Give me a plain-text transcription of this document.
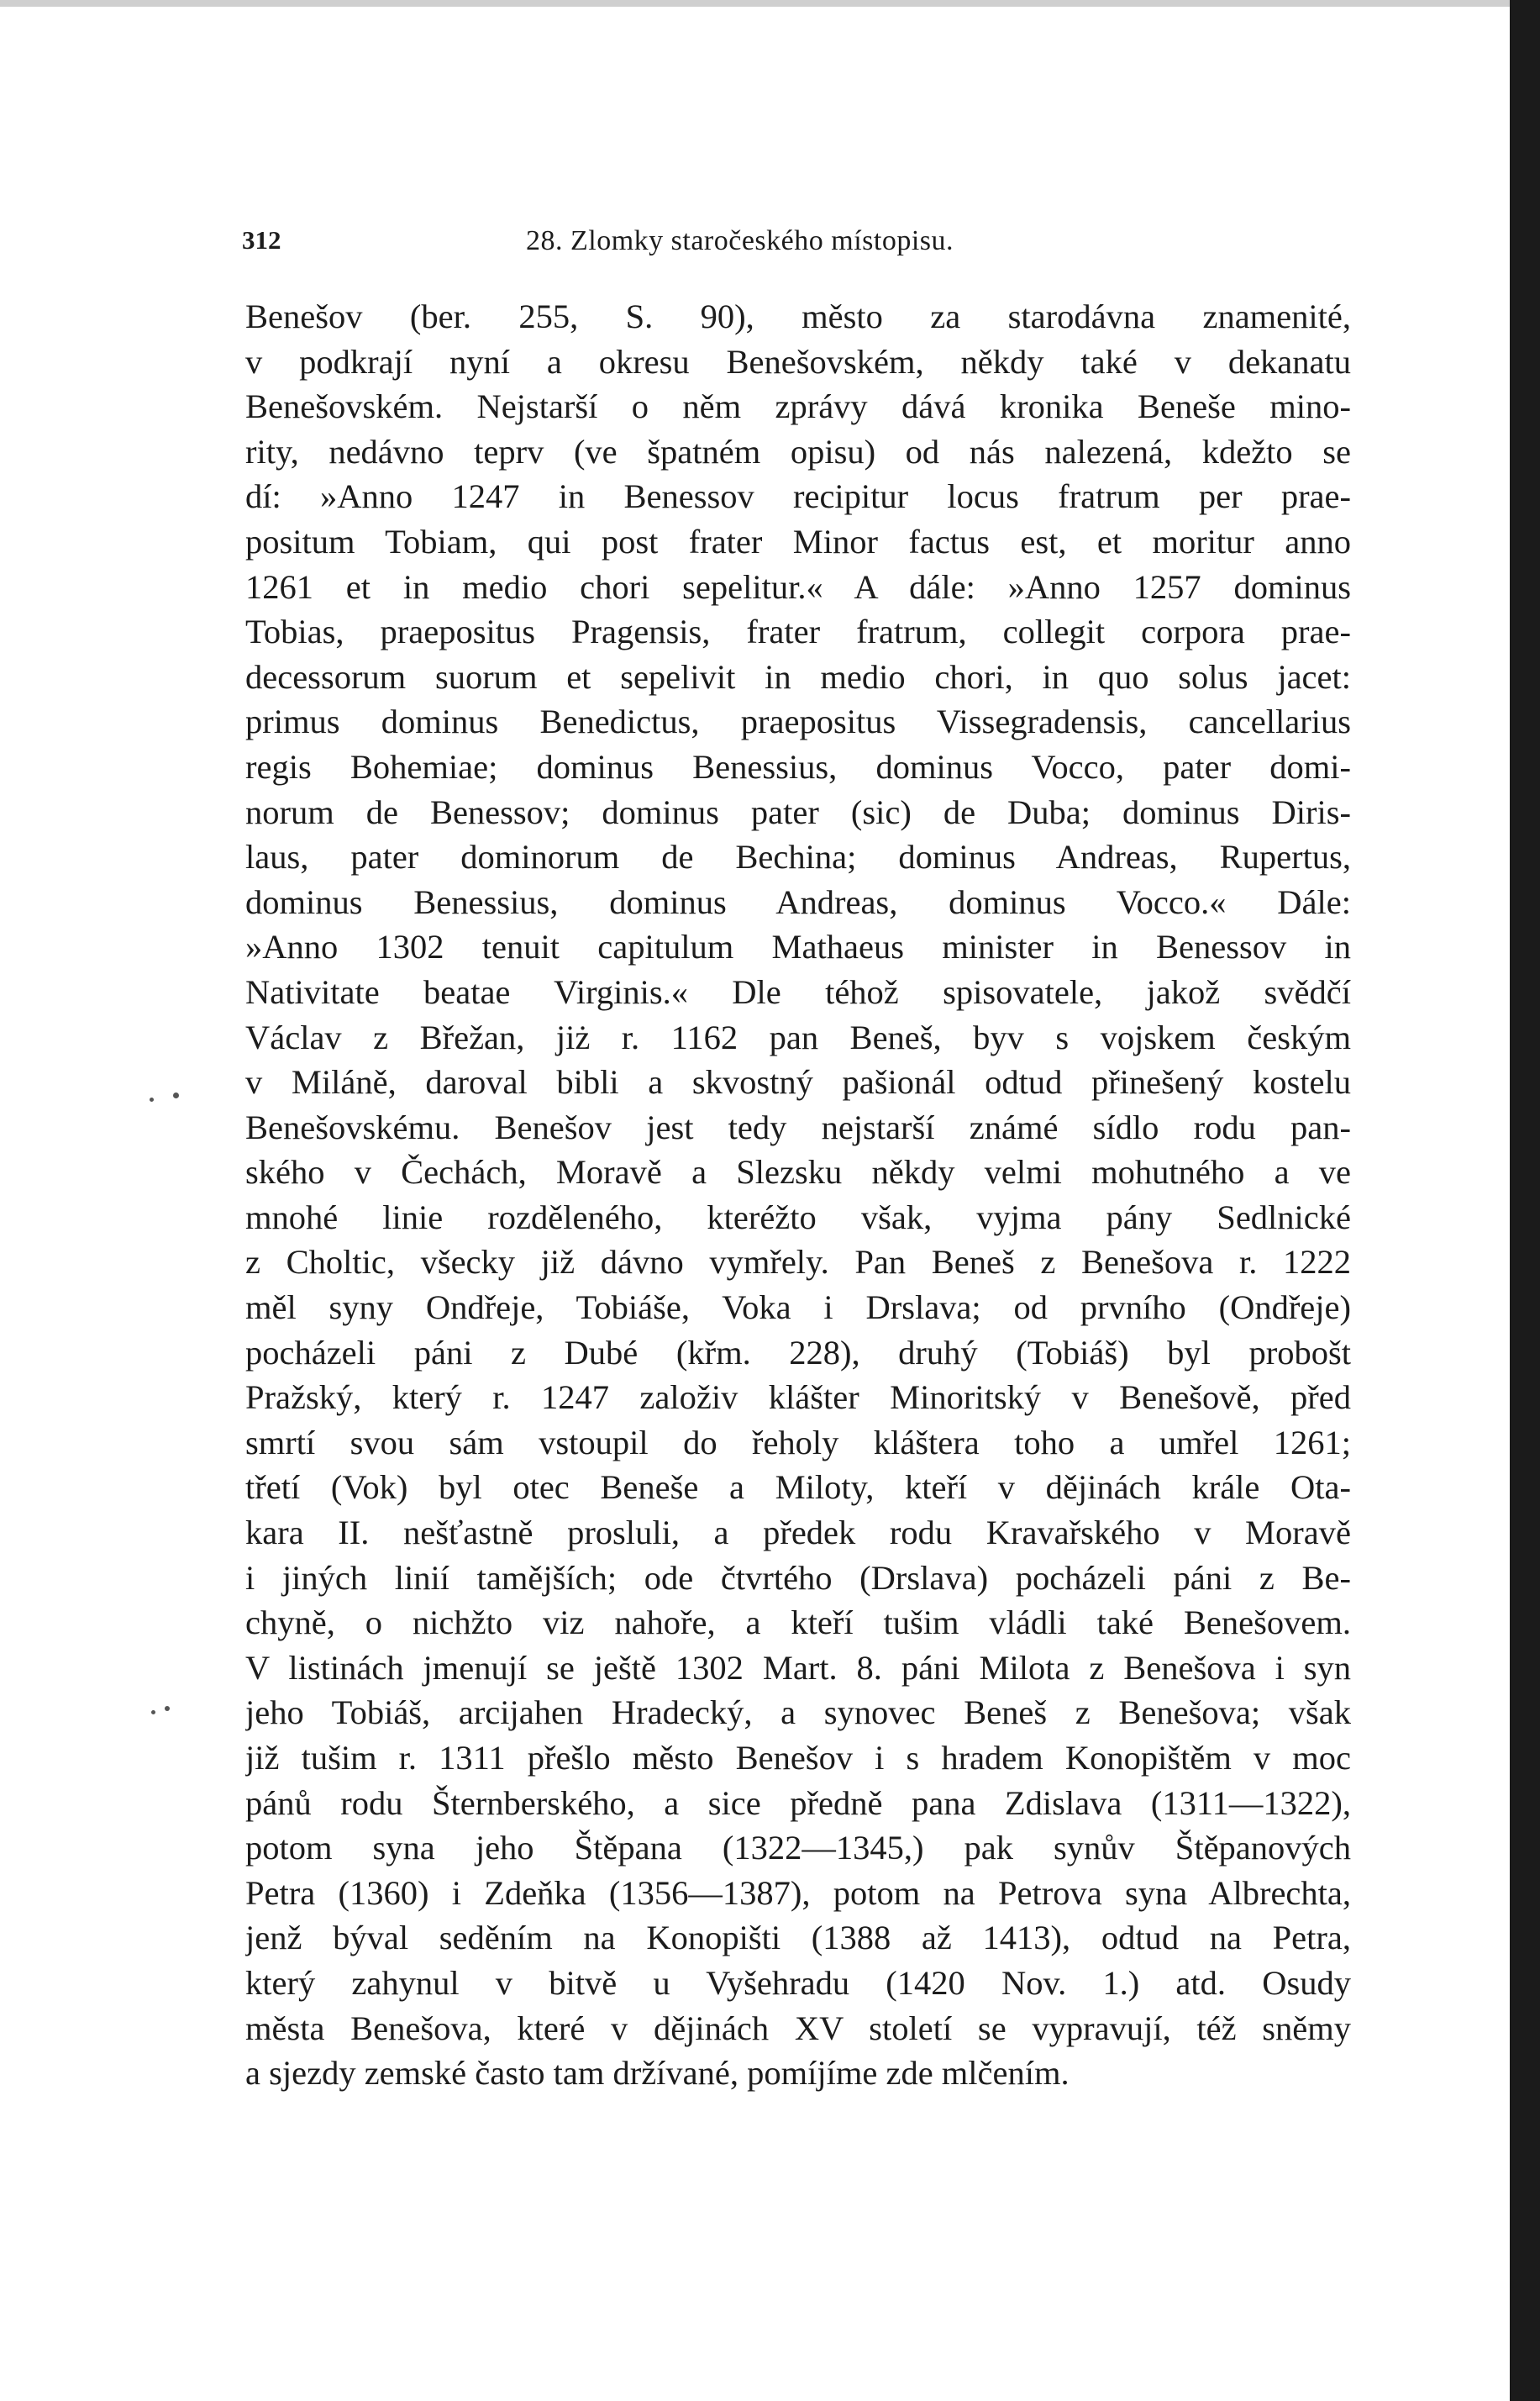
312	28. Zlomky staročeského místopisu.
Benešov (ber. 255, S. 90), město za starodávna znamenité,
v podkrají nyní a okresu Benešovském, někdy také v dekanatu
Benešovském. Nejstarší o něm zprávy dává kronika Beneše mino-
rity, nedávno teprv (ve špatném opisu) od nás nalezená, kdežto se
dí: »Anno 1247 in Benessov recipitur locus fratrum per prae-
positum Tobiam, qui post frater Minor factus est, et moritur anno
1261 et in medio chori sepelitur.« A dále: »Anno 1257 dominus
Tobias, praepositus Pragensis, frater fratrum, collegit corpora prae-
decessorum suorum et sepelivit in medio chori, in quo solus jacet:
primus dominus Benedictus, praepositus Vissegradensis, cancellarius
regis Bohemiae; dominus Benessius, dominus Vocco, pater domi-
norum de Benessov; dominus pater (sic) de Duba; dominus Diris-
laus, pater dominorum de Bechina; dominus Andreas, Rupertus,
dominus Benessius, dominus Andreas, dominus Vocco.« Dále:
»Anno 1302 tenuit capitulum Mathaeus minister in Benessov in
Nativitate beatae Virginis.« Dle téhož spisovatele, jakož svědčí
Václav z Břežan, jiż r. 1162 pan Beneš, byv s vojskem českým
v Miláně, daroval bibli a skvostný pašionál odtud přinešený kostelu
Benešovskému. Benešov jest tedy nejstarší známé sídlo rodu pan-
ského v Čechách, Moravě a Slezsku někdy velmi mohutného a ve
mnohé linie rozděleného, kteréžto však, vyjma pány Sedlnické
z Choltic, všecky již dávno vymřely. Pan Beneš z Benešova r. 1222
měl syny Ondřeje, Tobiáše, Voka i Drslava; od prvního (Ondřeje)
pocházeli páni z Dubé (křm. 228), druhý (Tobiáš) byl probošt
Pražský, který r. 1247 založiv klášter Minoritský v Benešově, před
smrtí svou sám vstoupil do řeholy kláštera toho a umřel 1261;
třetí (Vok) byl otec Beneše a Miloty, kteří v dějinách krále Ota-
kara II. nešťastně prosluli, a předek rodu Kravařského v Moravě
i jiných linií tamějších; ode čtvrtého (Drslava) pocházeli páni z Be-
chyně, o nichžto viz nahoře, a kteří tušim vládli také Benešovem.
V listinách jmenují se ještě 1302 Mart. 8. páni Milota z Benešova i syn
jeho Tobiáš, arcijahen Hradecký, a synovec Beneš z Benešova; však
již tušim r. 1311 přešlo město Benešov i s hradem Konopištěm v moc
pánů rodu Šternberského, a sice předně pana Zdislava (1311—1322),
potom syna jeho Štěpana (1322—1345,) pak synův Štěpanových
Petra (1360) i Zdeňka (1356—1387), potom na Petrova syna Albrechta,
jenž býval seděním na Konopišti (1388 až 1413), odtud na Petra,
který zahynul v bitvě u Vyšehradu (1420 Nov. 1.) atd. Osudy
města Benešova, které v dějinách XV století se vypravují, též sněmy
a sjezdy zemské často tam držívané, pomíjíme zde mlčením.
